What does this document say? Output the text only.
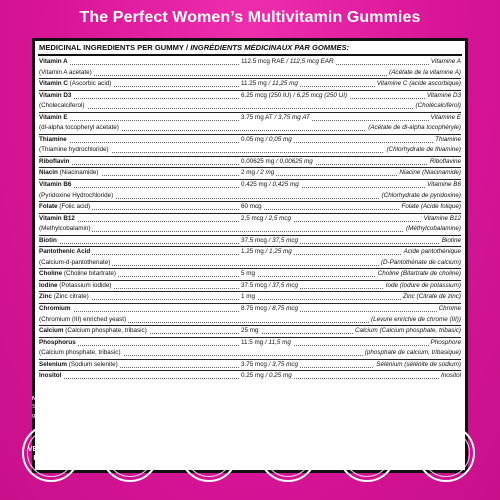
The Perfect Women’s Multivitamin Gummies
MEDICINAL INGREDIENTS PER GUMMY / INGRÉDIENTS MÉDICINAUX PAR GOMMES:
Vitamin A	112.5 mcg RAE / 112,5 mcg EAR	Vitamine A
(Vitamin A acetate)	(Acétate de la vitamine A)
Vitamin C (Ascorbic acid)	11.25 mg / 11,25 mg	Vitamine C (acide ascorbique)
Vitamin D3	6.25 mcg (250 IU) / 6,25 mcg (250 UI)	Vitamine D3
(Cholecalciferol)	(Cholécalciférol)
Vitamin E	3.75 mg AT / 3,75 mg AT	Vitamine E
(dl-alpha tocopheryl acetate)	(Acétate de dl-alpha tocophéryle)
Thiamine	0.05 mg / 0,05 mg	Thiamine
(Thiamine hydrochloride)	(Chlorhydrate de thiamine)
Riboflavin	0.00625 mg / 0,00625 mg	Riboflavine
Niacin (Niacinamide)	2 mg / 2 mg	Niacine (Niacinamide)
Vitamin B6	0.425 mg / 0,425 mg	Vitamine B6
(Pyridoxine Hydrochloride)	(Chlorhydrate de pyridoxine)
Folate (Folic acid)	60 mcg	Folate (Acide folique)
Vitamin B12	2.5 mcg / 2,5 mcg	Vitamine B12
(Methylcobalamin)	(Méthylcobalamine)
Biotin	37.5 mcg / 37,5 mcg	Biotine
Pantothenic Acid	1.25 mg / 1,25 mg	Acide pantothénique
(Calcium-d-pantothenate)	(D-Pantothénate de calcium)
Choline (Choline bitartrate)	5 mg	Choline (Bitartrate de choline)
Iodine (Potassium iodide)	37.5 mcg / 37,5 mcg	Iode (Iodure de potassium)
Zinc (Zinc citrate)	1 mg	Zinc (Citrate de zinc)
Chromium	8.75 mcg / 8,75 mcg	Chrome
(Chromium (III) enriched yeast)	(Levure enrichie de chrome (III))
Calcium (Calcium phosphate, tribasic)	25 mg	Calcium (Calcium phosphate, tribasic)
Phosphorus	11.5 mg / 11,5 mg	Phosphore
(Calcium phosphate, tribasic)	(phosphate de calcium, tribasique)
Selenium (Sodium selenite)	3.75 mcg / 3,75 mcg	Sélénium (sélénite de sodium)
Inositol	0.25 mg / 0,25 mg	Inositol
NON-MEDICINAL INGREDIENTS / INGRÉDIENTS NON-MÉDICINAUX: Sugar, Pectin, Citric acid, Sodium citrate, Vegetable oil, Carnauba wax, Glucose, Glucose Syrup, Blueberry flavour, Raspberry flavour, Purple carrot juice. Sucre, pectine, acide citrique, citrate de sodium, huile végétale, cire de carnauba, glucose, sirop de glucose, saveur de myrtille, saveur de framboise, jus de carotte pourpre.
VEGETARIAN
FRIENDLY
NON
GMO
GLUTEN
FREE
GELATIN
FREE
LAB
TESTED
PECTIN
BASED
